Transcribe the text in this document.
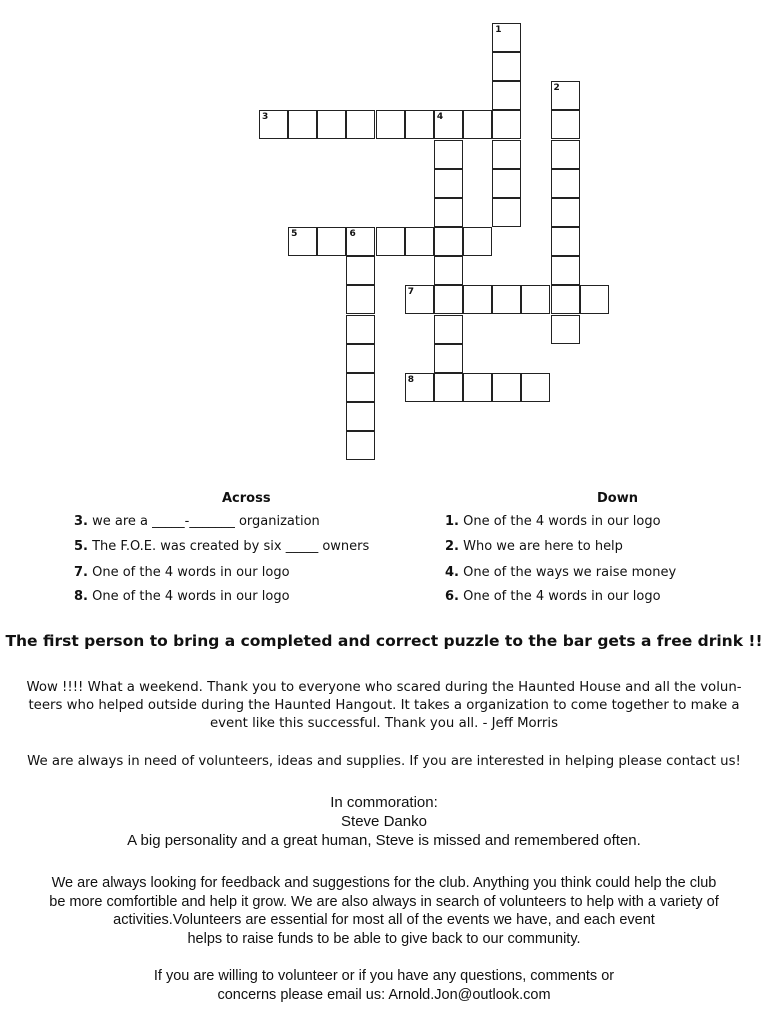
3	4
5	6
7
8
1
2
Across	Down
3. we are a _____-_______ organization
5. The F.O.E. was created by six _____ owners
7. One of the 4 words in our logo
8. One of the 4 words in our logo
1. One of the 4 words in our logo
2. Who we are here to help
4. One of the ways we raise money
6. One of the 4 words in our logo
The first person to bring a completed and correct puzzle to the bar gets a free drink !!
Wow !!!! What a weekend. Thank you to everyone who scared during the Haunted House and all the volun-
teers who helped outside during the Haunted Hangout. It takes a organization to come together to make a
event like this successful. Thank you all. - Jeff Morris
We are always in need of volunteers, ideas and supplies. If you are interested in helping please contact us!
In commoration:
Steve Danko
A big personality and a great human, Steve is missed and remembered often.
We are always looking for feedback and suggestions for the club. Anything you think could help the club
be more comfortible and help it grow. We are also always in search of volunteers to help with a variety of
activities.Volunteers are essential for most all of the events we have, and each event
helps to raise funds to be able to give back to our community.
If you are willing to volunteer or if you have any questions, comments or
concerns please email us: Arnold.Jon@outlook.com
